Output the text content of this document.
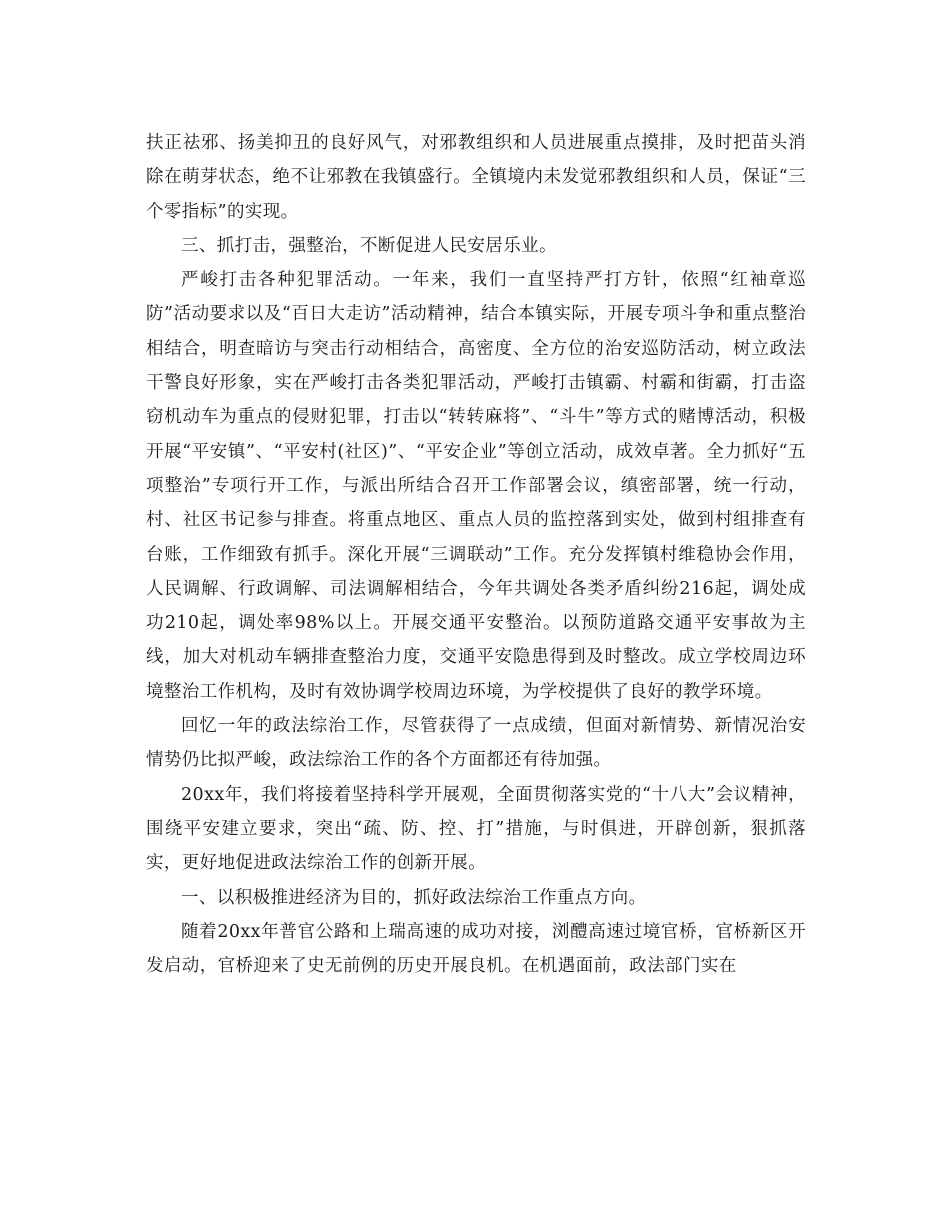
扶正祛邪、扬美抑丑的良好风气，对邪教组织和人员进展重点摸排，及时把苗头消除在萌芽状态，绝不让邪教在我镇盛行。全镇境内未发觉邪教组织和人员，保证“三个零指标”的实现。

三、抓打击，强整治，不断促进人民安居乐业。

严峻打击各种犯罪活动。一年来，我们一直坚持严打方针，依照“红袖章巡防”活动要求以及“百日大走访”活动精神，结合本镇实际，开展专项斗争和重点整治相结合，明查暗访与突击行动相结合，高密度、全方位的治安巡防活动，树立政法干警良好形象，实在严峻打击各类犯罪活动，严峻打击镇霸、村霸和街霸，打击盗窃机动车为重点的侵财犯罪，打击以“转转麻将”、“斗牛”等方式的赌博活动，积极开展“平安镇”、“平安村(社区)”、“平安企业”等创立活动，成效卓著。全力抓好“五项整治”专项行开工作，与派出所结合召开工作部署会议，缜密部署，统一行动，村、社区书记参与排查。将重点地区、重点人员的监控落到实处，做到村组排查有台账，工作细致有抓手。深化开展“三调联动”工作。充分发挥镇村维稳协会作用，人民调解、行政调解、司法调解相结合，今年共调处各类矛盾纠纷216起，调处成功210起，调处率98%以上。开展交通平安整治。以预防道路交通平安事故为主线，加大对机动车辆排查整治力度，交通平安隐患得到及时整改。成立学校周边环境整治工作机构，及时有效协调学校周边环境，为学校提供了良好的教学环境。

回忆一年的政法综治工作，尽管获得了一点成绩，但面对新情势、新情况治安情势仍比拟严峻，政法综治工作的各个方面都还有待加强。

20xx年，我们将接着坚持科学开展观，全面贯彻落实党的“十八大”会议精神，围绕平安建立要求，突出“疏、防、控、打”措施，与时俱进，开辟创新，狠抓落实，更好地促进政法综治工作的创新开展。

一、以积极推进经济为目的，抓好政法综治工作重点方向。

随着20xx年普官公路和上瑞高速的成功对接，浏醴高速过境官桥，官桥新区开发启动，官桥迎来了史无前例的历史开展良机。在机遇面前，政法部门实在
